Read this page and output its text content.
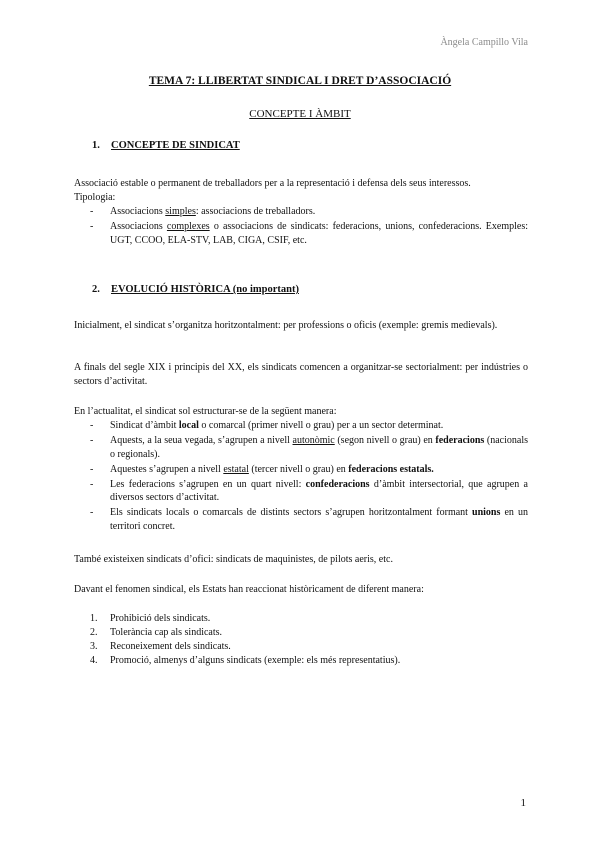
Àngela Campillo Vila
TEMA 7: LLIBERTAT SINDICAL I DRET D’ASSOCIACIÓ
CONCEPTE I ÀMBIT
1. CONCEPTE DE SINDICAT
Associació estable o permanent de treballadors per a la representació i defensa dels seus interessos.
Tipologia:
- Associacions simples: associacions de treballadors.
- Associacions complexes o associacions de sindicats: federacions, unions, confederacions. Exemples: UGT, CCOO, ELA-STV, LAB, CIGA, CSIF, etc.
2. EVOLUCIÓ HISTÒRICA (no important)
Inicialment, el sindicat s’organitza horitzontalment: per professions o oficis (exemple: gremis medievals).
A finals del segle XIX i principis del XX, els sindicats comencen a organitzar-se sectorialment: per indústries o sectors d’activitat.
En l’actualitat, el sindicat sol estructurar-se de la següent manera:
- Sindicat d’àmbit local o comarcal (primer nivell o grau) per a un sector determinat.
- Aquests, a la seua vegada, s’agrupen a nivell autonòmic (segon nivell o grau) en federacions (nacionals o regionals).
- Aquestes s’agrupen a nivell estatal (tercer nivell o grau) en federacions estatals.
- Les federacions s’agrupen en un quart nivell: confederacions d’àmbit intersectorial, que agrupen a diversos sectors d’activitat.
- Els sindicats locals o comarcals de distints sectors s’agrupen horitzontalment formant unions en un territori concret.
També existeixen sindicats d’ofici: sindicats de maquinistes, de pilots aeris, etc.
Davant el fenomen sindical, els Estats han reaccionat històricament de diferent manera:
1. Prohibició dels sindicats.
2. Tolerància cap als sindicats.
3. Reconeixement dels sindicats.
4. Promoció, almenys d’alguns sindicats (exemple: els més representatius).
1
